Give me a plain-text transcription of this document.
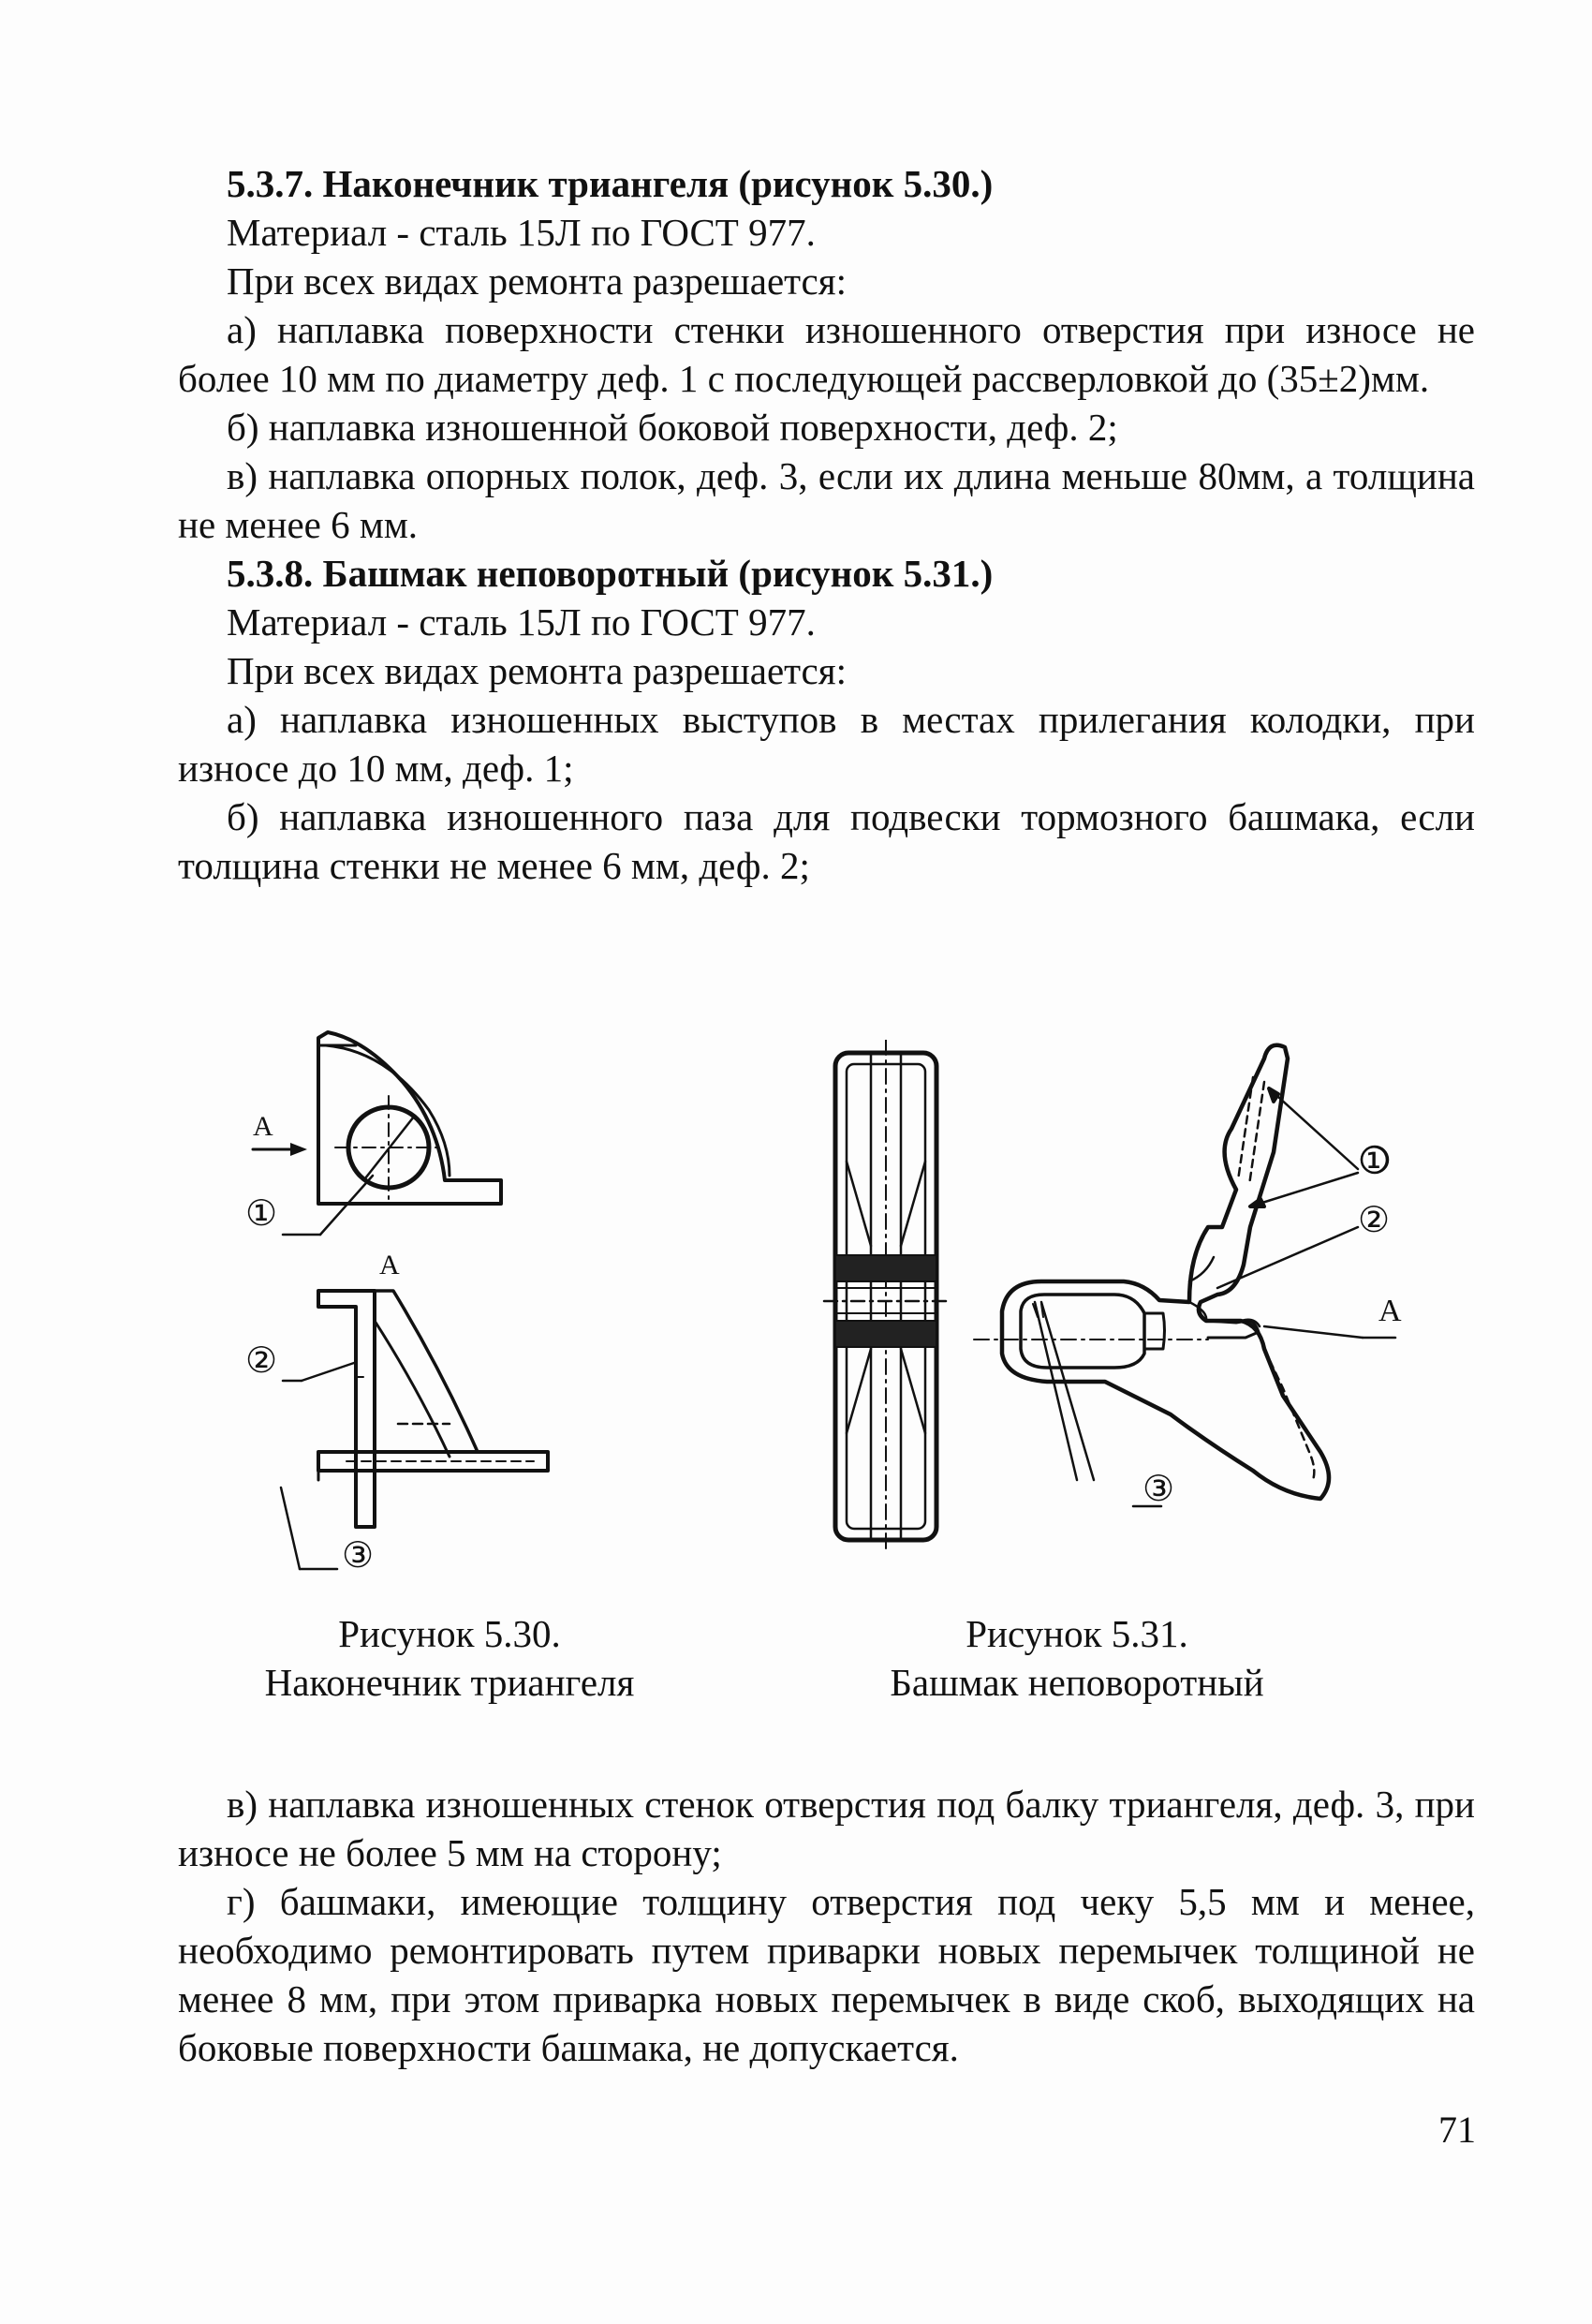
5.3.7. Наконечник триангеля (рисунок 5.30.)

Материал - сталь 15Л по ГОСТ 977.

При всех видах ремонта разрешается:

а) наплавка поверхности стенки изношенного отверстия при износе не более 10 мм по диаметру деф. 1 с последующей рассверловкой до (35±2)мм.

б) наплавка изношенной боковой поверхности, деф. 2;

в) наплавка опорных полок, деф. 3, если их длина меньше 80мм, а толщина не менее 6 мм.

5.3.8. Башмак неповоротный (рисунок 5.31.)

Материал - сталь 15Л по ГОСТ 977.

При всех видах ремонта разрешается:

а) наплавка изношенных выступов в местах прилегания колодки, при износе до 10 мм, деф. 1;

б) наплавка изношенного паза для подвески тормозного башмака, если толщина стенки не менее 6 мм, деф. 2;

A
①
A
②
③
①
②
A
③
Рисунок 5.30.
Наконечник триангеля
Рисунок 5.31.
Башмак неповоротный

в) наплавка изношенных стенок отверстия под балку триангеля, деф. 3, при износе не более 5 мм на сторону;

г) башмаки, имеющие толщину отверстия под чеку 5,5 мм и менее, необходимо ремонтировать путем приварки новых перемычек толщиной не менее 8 мм, при этом приварка новых перемычек в виде скоб, выходящих на боковые поверхности башмака, не допускается.

71
